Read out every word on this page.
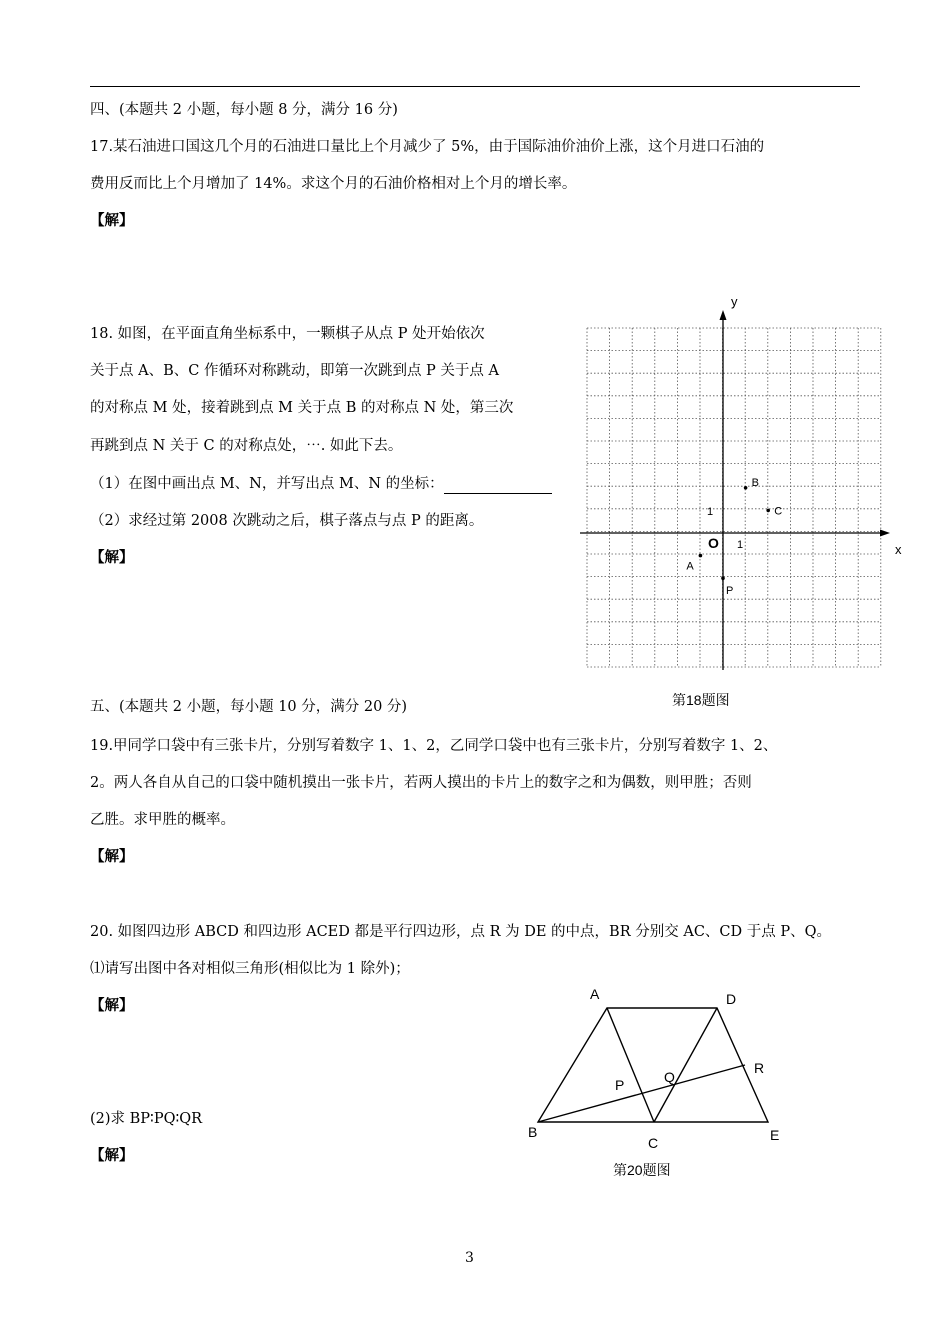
四、(本题共 2 小题，每小题 8 分，满分 16 分)
17.某石油进口国这几个月的石油进口量比上个月减少了 5%，由于国际油价油价上涨，这个月进口石油的
费用反而比上个月增加了 14%。求这个月的石油价格相对上个月的增长率。
【解】
18. 如图，在平面直角坐标系中，一颗棋子从点 P 处开始依次
关于点 A、B、C 作循环对称跳动，即第一次跳到点 P 关于点 A
的对称点 M 处，接着跳到点 M 关于点 B 的对称点 N 处，第三次
再跳到点 N 关于 C 的对称点处，⋯. 如此下去。
（1）在图中画出点 M、N，并写出点 M、N 的坐标：
（2）求经过第 2008 次跳动之后，棋子落点与点 P 的距离。
【解】
y
x
O 1
1
A
B
C
P
第18题图
五、(本题共 2 小题，每小题 10 分，满分 20 分)
19.甲同学口袋中有三张卡片，分别写着数字 1、1、2，乙同学口袋中也有三张卡片，分别写着数字 1、2、
2。两人各自从自己的口袋中随机摸出一张卡片，若两人摸出的卡片上的数字之和为偶数，则甲胜；否则
乙胜。求甲胜的概率。
【解】
20. 如图四边形 ABCD 和四边形 ACED 都是平行四边形，点 R 为 DE 的中点，BR 分别交 AC、CD 于点 P、Q。
⑴请写出图中各对相似三角形(相似比为 1 除外)；
【解】
(2)求 BP∶PQ∶QR
【解】
A	D
R
P	Q
B
C	E
第20题图
3
